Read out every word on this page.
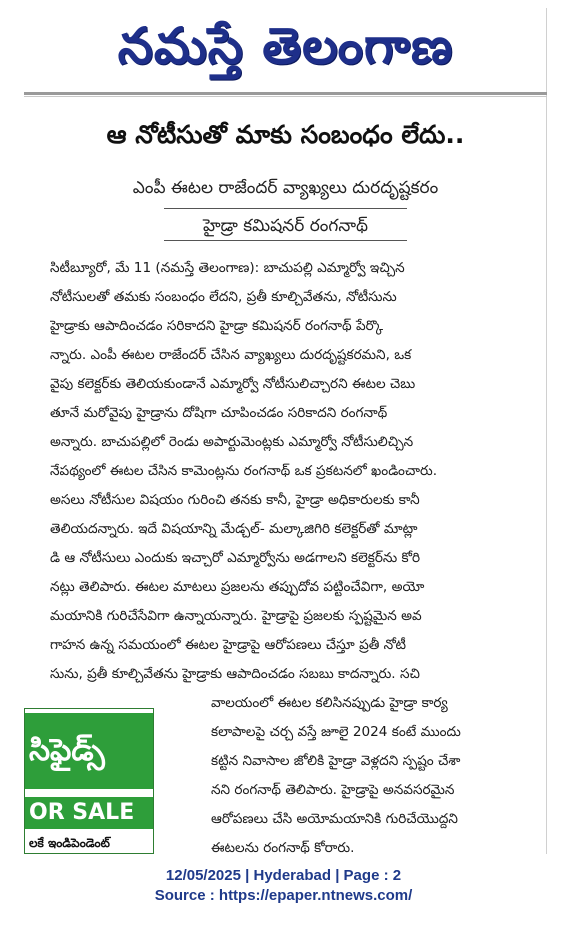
నమస్తే తెలంగాణ
ఆ నోటీసుతో మాకు సంబంధం లేదు..
ఎంపీ ఈటల రాజేందర్ వ్యాఖ్యలు దురదృష్టకరం
హైడ్రా కమిషనర్ రంగనాథ్
సిటీబ్యూరో, మే 11 (నమస్తే తెలంగాణ): బాచుపల్లి ఎమ్మార్వో ఇచ్చిన
నోటీసులతో తమకు సంబంధం లేదని, ప్రతీ కూల్చివేతను, నోటీసును
హైడ్రాకు ఆపాదించడం సరికాదని హైడ్రా కమిషనర్ రంగనాథ్ పేర్కొ
న్నారు. ఎంపీ ఈటల రాజేందర్ చేసిన వ్యాఖ్యలు దురదృష్టకరమని, ఒక
వైపు కలెక్టర్‌కు తెలియకుండానే ఎమ్మార్వో నోటీసులిచ్చారని ఈటల చెబు
తూనే మరోవైపు హైడ్రాను దోషిగా చూపించడం సరికాదని రంగనాథ్
అన్నారు. బాచుపల్లిలో రెండు అపార్టుమెంట్లకు ఎమ్మార్వో నోటీసులిచ్చిన
నేపథ్యంలో ఈటల చేసిన కామెంట్లను రంగనాథ్ ఒక ప్రకటనలో ఖండించారు.
అసలు నోటీసుల విషయం గురించి తనకు కానీ, హైడ్రా అధికారులకు కానీ
తెలియదన్నారు. ఇదే విషయాన్ని మేడ్చల్- మల్కాజిగిరి కలెక్టర్‌తో మాట్లా
డి ఆ నోటీసులు ఎందుకు ఇచ్చారో ఎమ్మార్వోను అడగాలని కలెక్టర్‌ను కోరి
నట్లు తెలిపారు. ఈటల మాటలు ప్రజలను తప్పుదోవ పట్టించేవిగా, అయో
మయానికి గురిచేసేవిగా ఉన్నాయన్నారు. హైడ్రాపై ప్రజలకు స్పష్టమైన అవ
గాహన ఉన్న సమయంలో ఈటల హైడ్రాపై ఆరోపణలు చేస్తూ ప్రతీ నోటీ
సును, ప్రతీ కూల్చివేతను హైడ్రాకు ఆపాదించడం సబబు కాదన్నారు. సచి
వాలయంలో ఈటల కలిసినప్పుడు హైడ్రా కార్య
కలాపాలపై చర్చ వస్తే జూలై 2024 కంటే ముందు
కట్టిన నివాసాల జోలికి హైడ్రా వెళ్లదని స్పష్టం చేశా
నని రంగనాథ్ తెలిపారు. హైడ్రాపై అనవసరమైన
ఆరోపణలు చేసి అయోమయానికి గురిచేయొద్దని
ఈటలను రంగనాథ్ కోరారు.
సిఫైడ్స్
OR SALE
లకే ఇండిపెండెంట్
12/05/2025 | Hyderabad | Page : 2
Source : https://epaper.ntnews.com/
